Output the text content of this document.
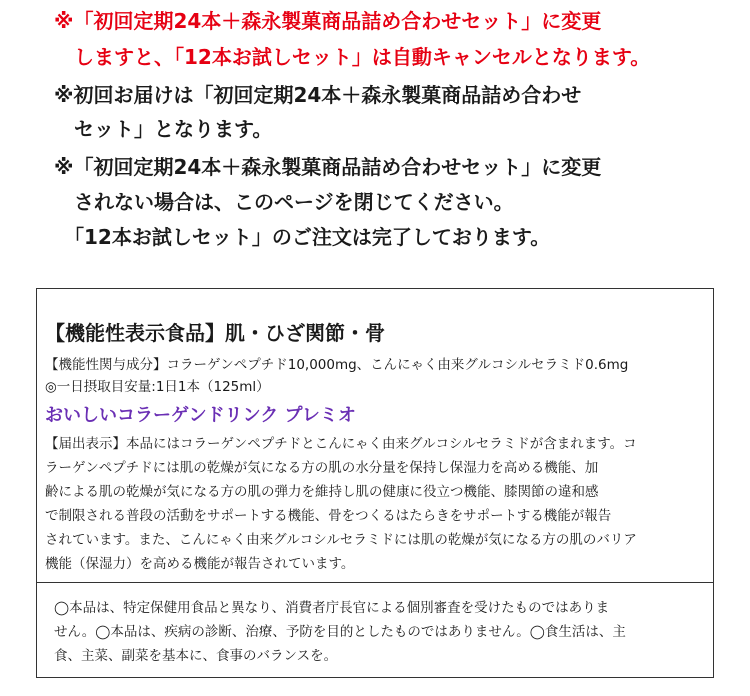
※「初回定期24本＋森永製菓商品詰め合わせセット」に変更
　しますと、「12本お試しセット」は自動キャンセルとなります。
※初回お届けは「初回定期24本＋森永製菓商品詰め合わせ
　セット」となります。
※「初回定期24本＋森永製菓商品詰め合わせセット」に変更
　されない場合は、このページを閉じてください。
　「12本お試しセット」のご注文は完了しております。
【機能性表示食品】肌・ひざ関節・骨
【機能性関与成分】コラーゲンペプチド10,000mg、こんにゃく由来グルコシルセラミド0.6mg
◎一日摂取目安量:1日1本（125ml）
おいしいコラーゲンドリンク プレミオ
【届出表示】本品にはコラーゲンペプチドとこんにゃく由来グルコシルセラミドが含まれます。コ
ラーゲンペプチドには肌の乾燥が気になる方の肌の水分量を保持し保湿力を高める機能、加
齢による肌の乾燥が気になる方の肌の弾力を維持し肌の健康に役立つ機能、膝関節の違和感
で制限される普段の活動をサポートする機能、骨をつくるはたらきをサポートする機能が報告
されています。また、こんにゃく由来グルコシルセラミドには肌の乾燥が気になる方の肌のバリア
機能（保湿力）を高める機能が報告されています。
◯本品は、特定保健用食品と異なり、消費者庁長官による個別審査を受けたものではありま
せん。◯本品は、疾病の診断、治療、予防を目的としたものではありません。◯食生活は、主
食、主菜、副菜を基本に、食事のバランスを。
